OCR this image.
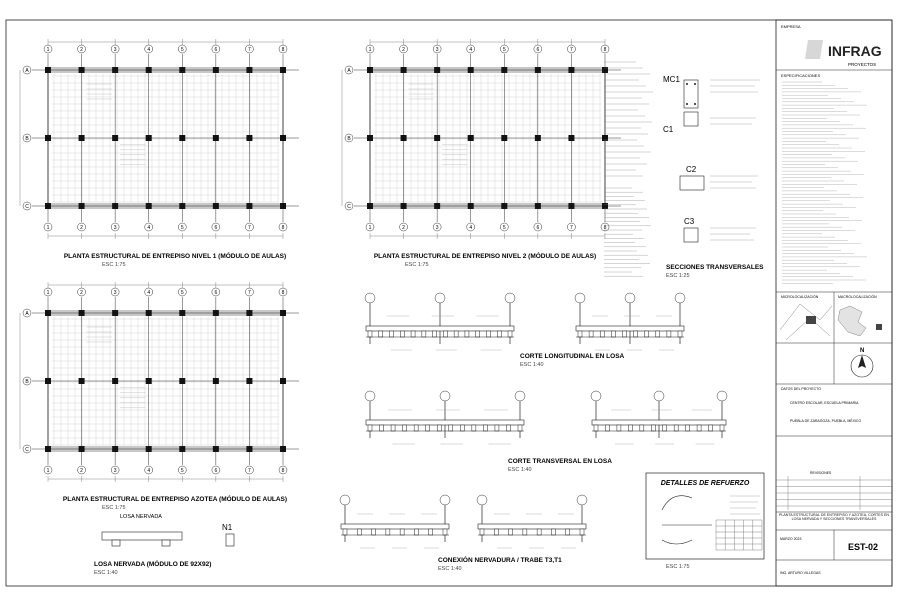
1
1
2
2
3
3
4
4
5
5
6
6
7
7
8
8
A
B
C
1
1
2
2
3
3
4
4
5
5
6
6
7
7
8
8
A
B
C
1
1
2
2
3
3
4
4
5
5
6
6
7
7
8
8
A
B
C
PLANTA ESTRUCTURAL DE ENTREPISO NIVEL 1 (MÓDULO DE AULAS)
ESC 1:75
PLANTA ESTRUCTURAL DE ENTREPISO NIVEL 2 (MÓDULO DE AULAS)
ESC 1:75
PLANTA ESTRUCTURAL DE ENTREPISO AZOTEA (MÓDULO DE AULAS)
ESC 1:75
MC1
C1
C2
C3
SECCIONES TRANSVERSALES
ESC 1:25
CORTE LONGITUDINAL EN LOSA
ESC 1:40
CORTE TRANSVERSAL EN LOSA
ESC 1:40
CONEXIÓN NERVADURA / TRABE T3,T1
ESC 1:40
LOSA NERVADA
N1
LOSA NERVADA (MÓDULO DE 92X92)
ESC 1:40
DETALLES DE REFUERZO
ESC 1:75
EMPRESA
INFRAG
PROYECTOS
ESPECIFICACIONES
MICROLOCALIZACIÓN	MACROLOCALIZACIÓN
N
DATOS DEL PROYECTO
CENTRO ESCOLAR, ESCUELA PRIMARIA
PUEBLA DE ZARAGOZA, PUEBLA, MÉXICO
REVISIONES
PLANTA ESTRUCTURAL DE ENTREPISO Y AZOTEA, CORTES EN LOSA NERVADA Y SECCIONES TRANSVERSALES
MARZO 2023
EST-02
ING. ARTURO VILLEGAS
